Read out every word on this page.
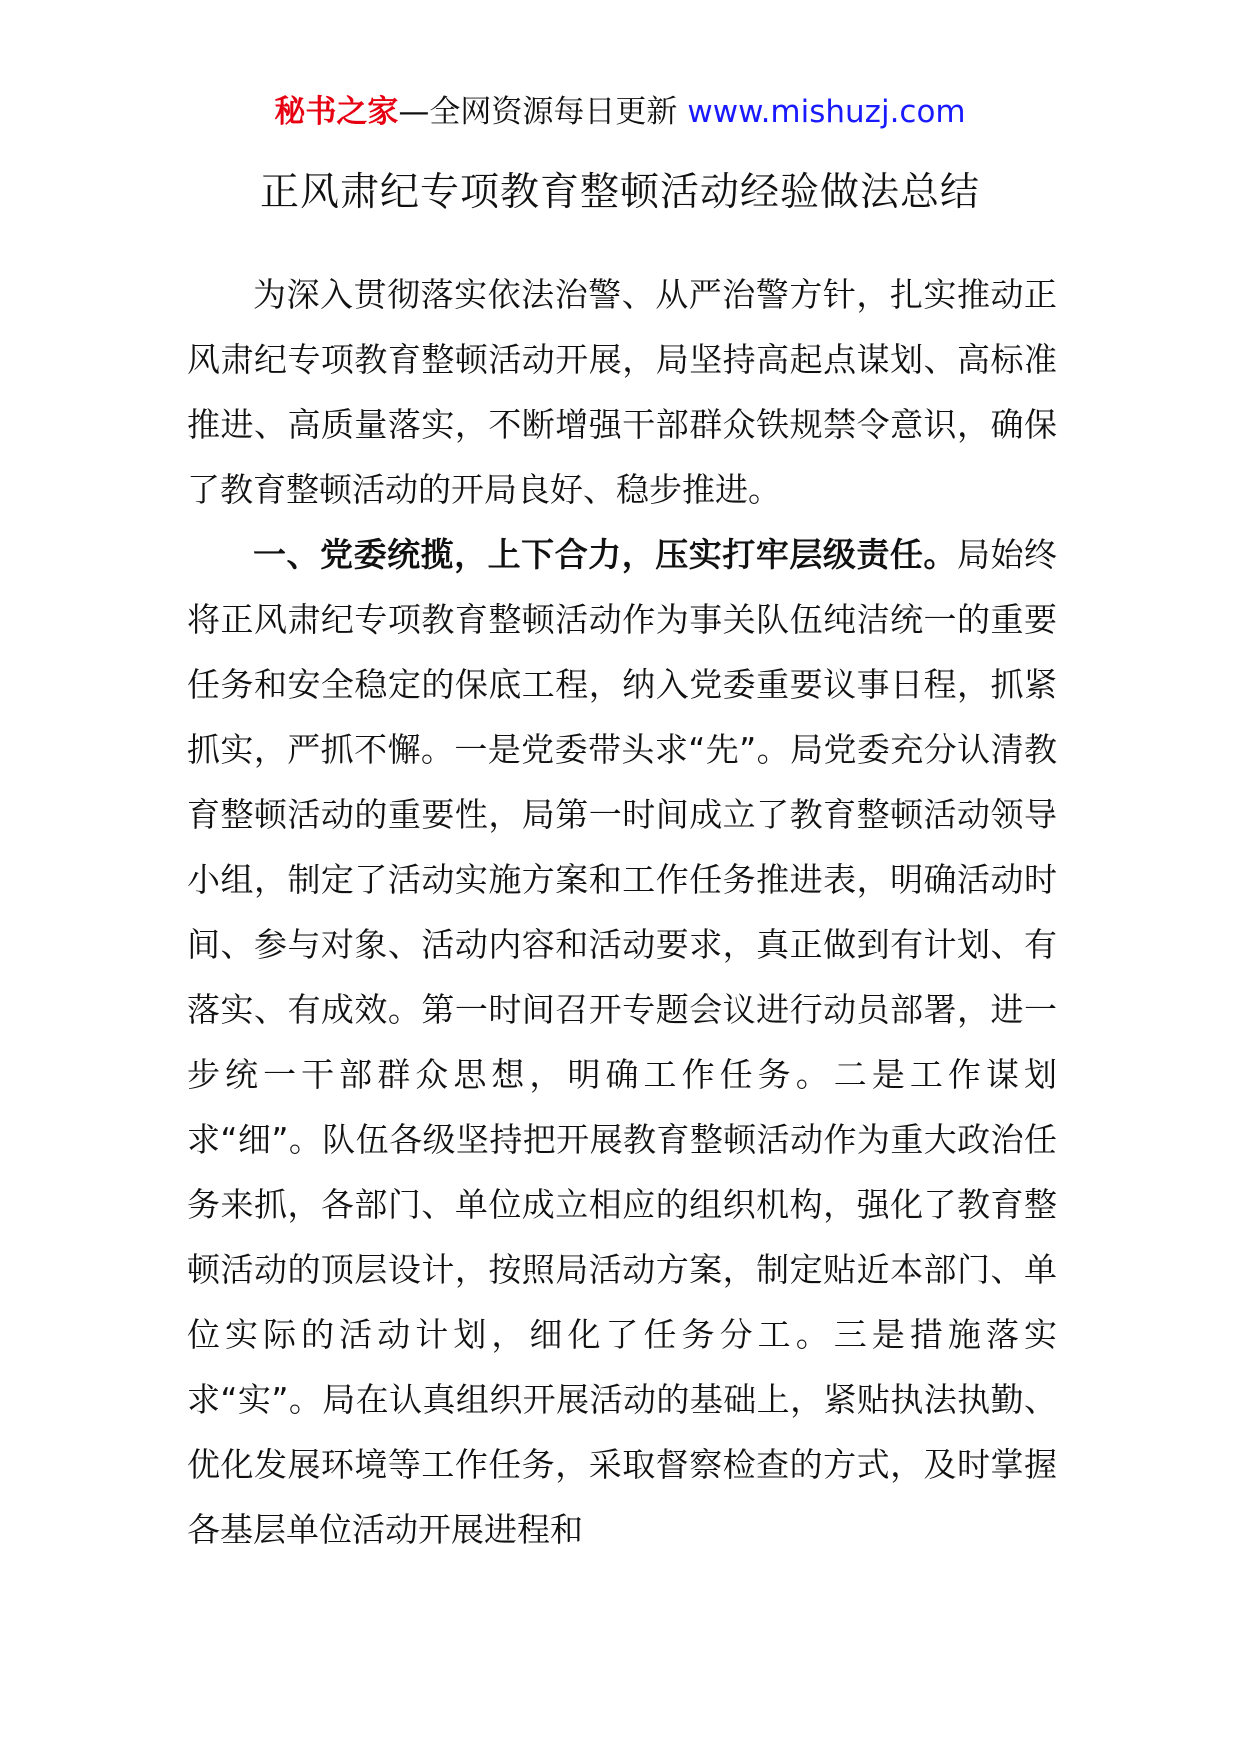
秘书之家—全网资源每日更新 www.mishuzj.com
正风肃纪专项教育整顿活动经验做法总结

为深入贯彻落实依法治警、从严治警方针，扎实推动正风肃纪专项教育整顿活动开展，局坚持高起点谋划、高标准推进、高质量落实，不断增强干部群众铁规禁令意识，确保了教育整顿活动的开局良好、稳步推进。

一、党委统揽，上下合力，压实打牢层级责任。局始终将正风肃纪专项教育整顿活动作为事关队伍纯洁统一的重要任务和安全稳定的保底工程，纳入党委重要议事日程，抓紧抓实，严抓不懈。一是党委带头求“先”。局党委充分认清教育整顿活动的重要性，局第一时间成立了教育整顿活动领导小组，制定了活动实施方案和工作任务推进表，明确活动时间、参与对象、活动内容和活动要求，真正做到有计划、有落实、有成效。第一时间召开专题会议进行动员部署，进一步统一干部群众思想，明确工作任务。二是工作谋划求“细”。队伍各级坚持把开展教育整顿活动作为重大政治任务来抓，各部门、单位成立相应的组织机构，强化了教育整顿活动的顶层设计，按照局活动方案，制定贴近本部门、单位实际的活动计划，细化了任务分工。三是措施落实求“实”。局在认真组织开展活动的基础上，紧贴执法执勤、优化发展环境等工作任务，采取督察检查的方式，及时掌握各基层单位活动开展进程和
